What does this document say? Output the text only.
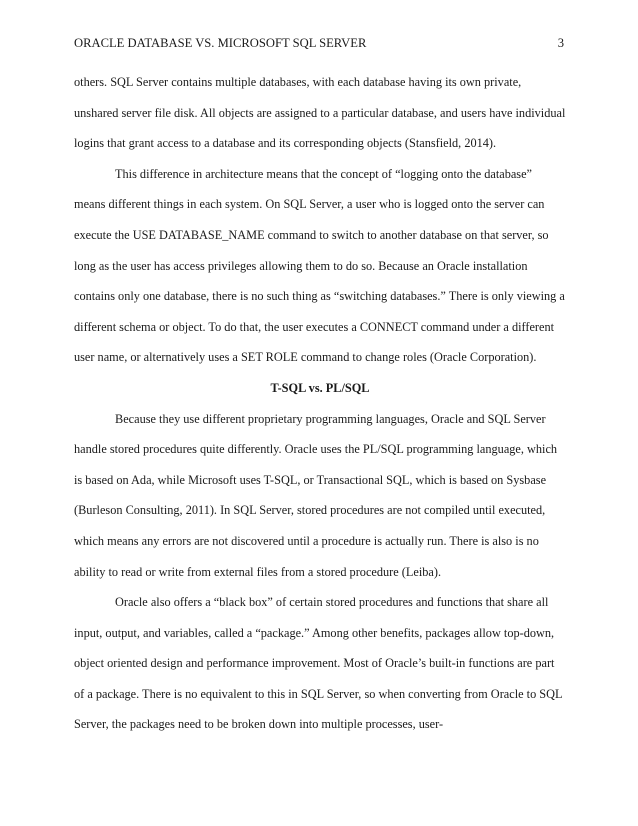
ORACLE DATABASE VS. MICROSOFT SQL SERVER	3

others. SQL Server contains multiple databases, with each database having its own private, unshared server file disk. All objects are assigned to a particular database, and users have individual logins that grant access to a database and its corresponding objects (Stansfield, 2014).

This difference in architecture means that the concept of “logging onto the database” means different things in each system. On SQL Server, a user who is logged onto the server can execute the USE DATABASE_NAME command to switch to another database on that server, so long as the user has access privileges allowing them to do so. Because an Oracle installation contains only one database, there is no such thing as “switching databases.” There is only viewing a different schema or object. To do that, the user executes a CONNECT command under a different user name, or alternatively uses a SET ROLE command to change roles (Oracle Corporation).

T-SQL vs. PL/SQL

Because they use different proprietary programming languages, Oracle and SQL Server handle stored procedures quite differently. Oracle uses the PL/SQL programming language, which is based on Ada, while Microsoft uses T-SQL, or Transactional SQL, which is based on Sysbase (Burleson Consulting, 2011). In SQL Server, stored procedures are not compiled until executed, which means any errors are not discovered until a procedure is actually run. There is also is no ability to read or write from external files from a stored procedure (Leiba).

Oracle also offers a “black box” of certain stored procedures and functions that share all input, output, and variables, called a “package.” Among other benefits, packages allow top-down, object oriented design and performance improvement. Most of Oracle’s built-in functions are part of a package. There is no equivalent to this in SQL Server, so when converting from Oracle to SQL Server, the packages need to be broken down into multiple processes, user-
